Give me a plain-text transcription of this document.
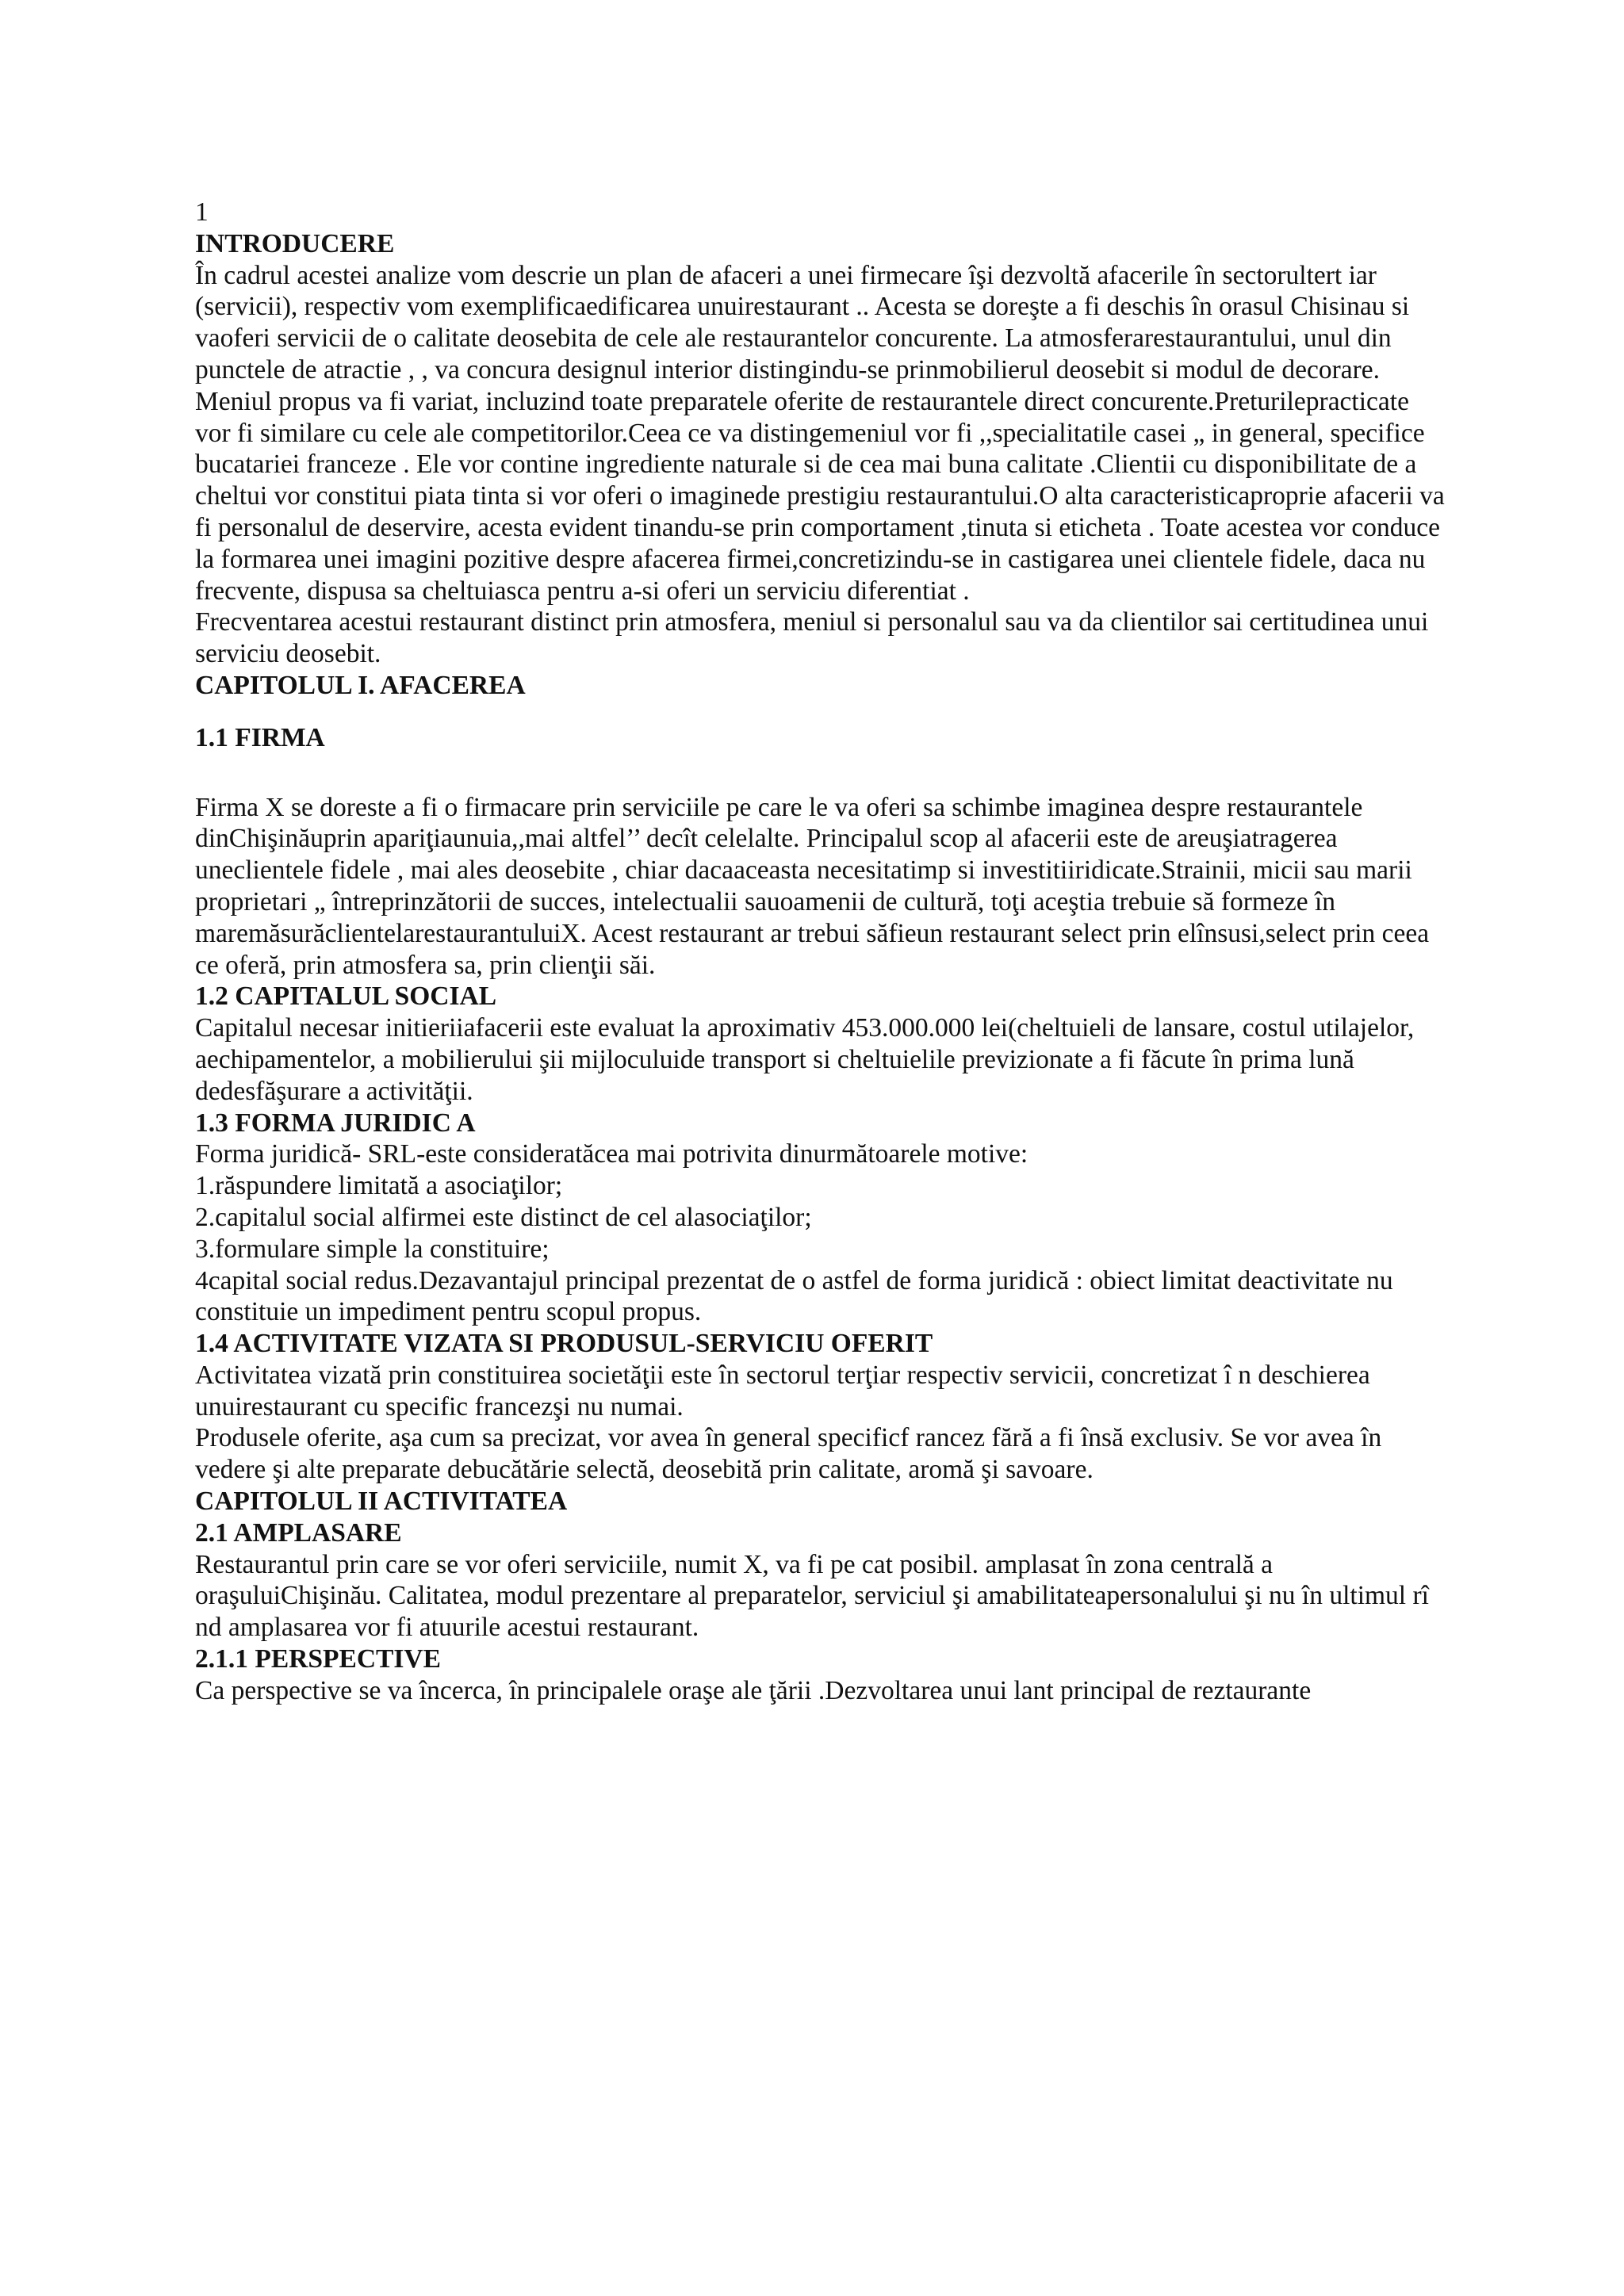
1

INTRODUCERE

În cadrul acestei analize vom descrie un plan de afaceri a unei firmecare îşi dezvoltă afacerile în sectorultert iar (servicii), respectiv vom exemplificaedificarea unuirestaurant .. Acesta se doreşte a fi deschis în orasul Chisinau si vaoferi servicii de o calitate deosebita de cele ale restaurantelor concurente. La atmosferarestaurantului, unul din punctele de atractie , , va concura designul interior distingindu-se prinmobilierul deosebit si modul de decorare. Meniul propus va fi variat, incluzind toate preparatele oferite de restaurantele direct concurente.Preturilepracticate vor fi similare cu cele ale competitorilor.Ceea ce va distingemeniul vor fi ,,specialitatile casei „ in general, specifice bucatariei franceze . Ele vor contine ingrediente naturale si de cea mai buna calitate .Clientii cu disponibilitate de a cheltui vor constitui piata tinta si vor oferi o imaginede prestigiu restaurantului.O alta caracteristicaproprie afacerii va fi personalul de deservire, acesta evident tinandu-se prin comportament ,tinuta si eticheta . Toate acestea vor conduce la formarea unei imagini pozitive despre afacerea firmei,concretizindu-se in castigarea unei clientele fidele, daca nu frecvente, dispusa sa cheltuiasca pentru a-si oferi un serviciu diferentiat .

Frecventarea acestui restaurant distinct prin atmosfera, meniul si personalul sau va da clientilor sai certitudinea unui serviciu deosebit.

CAPITOLUL I. AFACEREA

1.1 FIRMA

Firma X se doreste a fi o firmacare prin serviciile pe care le va oferi sa schimbe imaginea despre restaurantele dinChişinăuprin apariţiaunuia,,mai altfel’’ decît celelalte. Principalul scop al afacerii este de areuşiatragerea uneclientele fidele , mai ales deosebite , chiar dacaaceasta necesitatimp si investitiiridicate.Strainii, micii sau marii proprietari „ întreprinzătorii de succes, intelectualii sauoamenii de cultură, toţi aceştia trebuie să formeze în maremăsurăclientelarestaurantuluiX. Acest restaurant ar trebui săfieun restaurant select prin elînsusi,select prin ceea ce oferă, prin atmosfera sa, prin clienţii săi.

1.2 CAPITALUL SOCIAL

Capitalul necesar initieriiafacerii este evaluat la aproximativ 453.000.000 lei(cheltuieli de lansare, costul utilajelor, aechipamentelor, a mobilierului şii mijloculuide transport si cheltuielile previzionate a fi făcute în prima lună dedesfăşurare a activităţii.

1.3 FORMA JURIDIC A

Forma juridică- SRL-este consideratăcea mai potrivita dinurmătoarele motive:

1.răspundere limitată a asociaţilor;

2.capitalul social alfirmei este distinct de cel alasociaţilor;

3.formulare simple la constituire;

4capital social redus.Dezavantajul principal prezentat de o astfel de forma juridică : obiect limitat deactivitate nu constituie un impediment pentru scopul propus.

1.4 ACTIVITATE VIZATA SI PRODUSUL-SERVICIU OFERIT

Activitatea vizată prin constituirea societăţii este în sectorul terţiar respectiv servicii, concretizat î n deschierea unuirestaurant cu specific francezşi nu numai.

Produsele oferite, aşa cum sa precizat, vor avea în general specificf rancez fără a fi însă exclusiv. Se vor avea în vedere şi alte preparate debucătărie selectă, deosebită prin calitate, aromă şi savoare.

CAPITOLUL II ACTIVITATEA

2.1 AMPLASARE

Restaurantul prin care se vor oferi serviciile, numit X, va fi pe cat posibil. amplasat în zona centrală a oraşuluiChişinău. Calitatea, modul prezentare al preparatelor, serviciul şi amabilitateapersonalului şi nu în ultimul rî nd amplasarea vor fi atuurile acestui restaurant.

2.1.1 PERSPECTIVE

Ca perspective se va încerca, în principalele oraşe ale ţării .Dezvoltarea unui lant principal de reztaurante
